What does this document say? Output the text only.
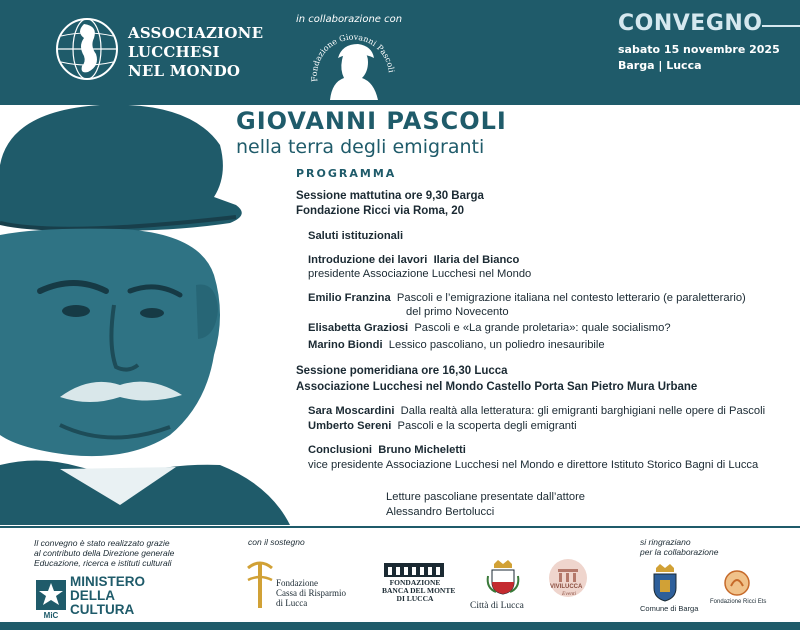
ASSOCIAZIONE
LUCCHESI
NEL MONDO
in collaborazione con
Fondazione Giovanni Pascoli
CONVEGNO
sabato 15 novembre 2025
Barga | Lucca
GIOVANNI PASCOLI
nella terra degli emigranti
PROGRAMMA
Sessione mattutina ore 9,30 Barga
Fondazione Ricci via Roma, 20
Saluti istituzionali
Introduzione dei lavori Ilaria del Bianco
presidente Associazione Lucchesi nel Mondo
Emilio Franzina Pascoli e l’emigrazione italiana nel contesto letterario (e paraletterario)
del primo Novecento
Elisabetta Graziosi Pascoli e «La grande proletaria»: quale socialismo?
Marino Biondi Lessico pascoliano, un poliedro inesauribile
Sessione pomeridiana ore 16,30 Lucca
Associazione Lucchesi nel Mondo Castello Porta San Pietro Mura Urbane
Sara Moscardini Dalla realtà alla letteratura: gli emigranti barghigiani nelle opere di Pascoli
Umberto Sereni Pascoli e la scoperta degli emigranti
Conclusioni Bruno Micheletti
vice presidente Associazione Lucchesi nel Mondo e direttore Istituto Storico Bagni di Lucca
Letture pascoliane presentate dall’attore
Alessandro Bertolucci
Il convegno è stato realizzato grazie
al contributo della Direzione generale
Educazione, ricerca e istituti culturali
MiC
MINISTERO
DELLA
CULTURA
con il sostegno
Fondazione
Cassa di Risparmio
di Lucca
FONDAZIONE
BANCA DEL MONTE
DI LUCCA
Città di Lucca
VIVILUCCA
Eventi
si ringraziano
per la collaborazione
Comune di Barga
Fondazione Ricci Ets
